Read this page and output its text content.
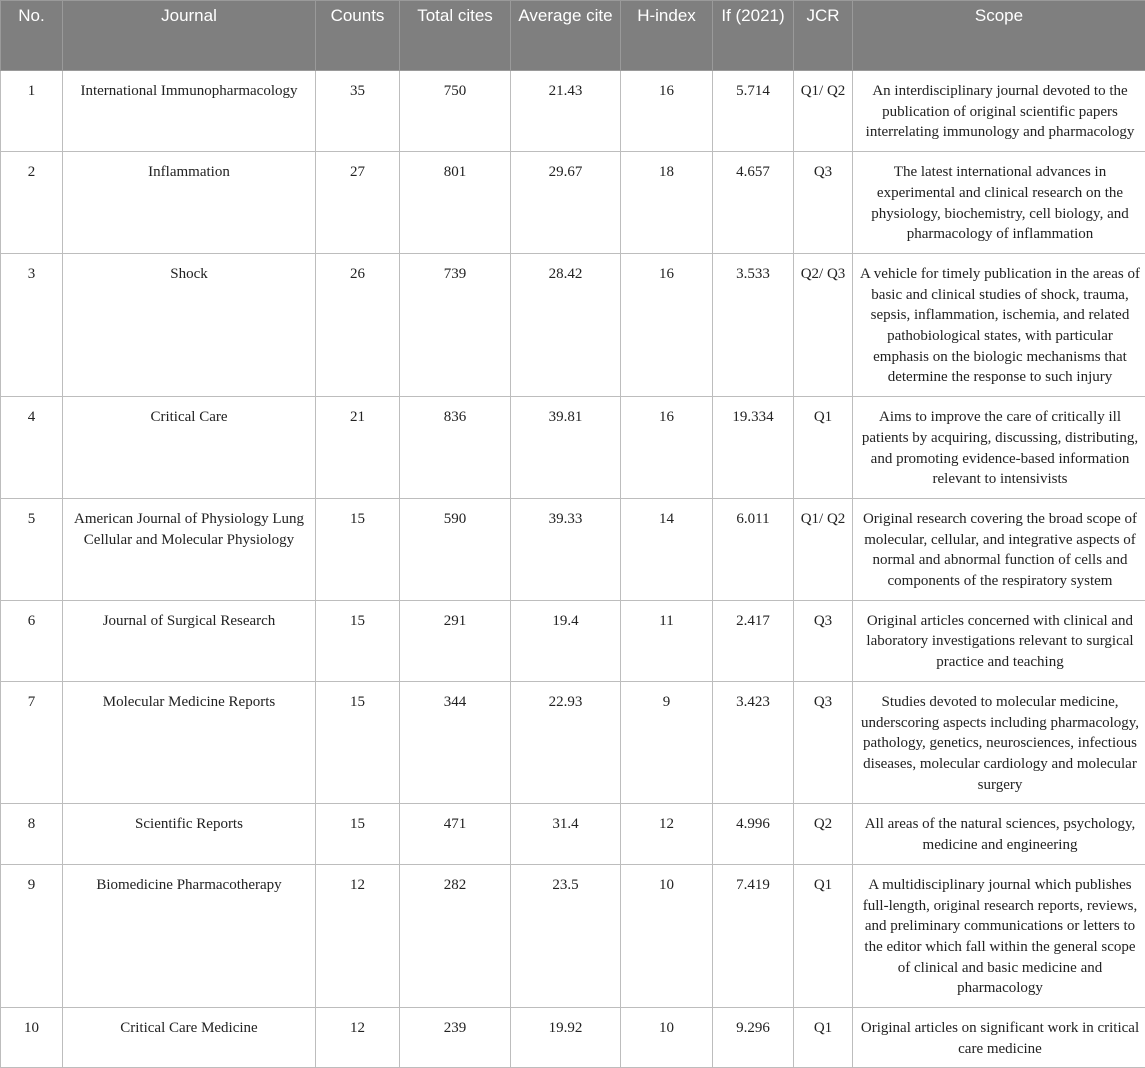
No.	Journal	Counts	Total cites	Average cite	H-index	If (2021)	JCR	Scope
1	International Immunopharmacology	35	750	21.43	16	5.714	Q1/ Q2	An interdisciplinary journal devoted to the publication of original scientific papers interrelating immunology and pharmacology
2	Inflammation	27	801	29.67	18	4.657	Q3	The latest international advances in experimental and clinical research on the physiology, biochemistry, cell biology, and pharmacology of inflammation
3	Shock	26	739	28.42	16	3.533	Q2/ Q3	A vehicle for timely publication in the areas of basic and clinical studies of shock, trauma, sepsis, inflammation, ischemia, and related pathobiological states, with particular emphasis on the biologic mechanisms that determine the response to such injury
4	Critical Care	21	836	39.81	16	19.334	Q1	Aims to improve the care of critically ill patients by acquiring, discussing, distributing, and promoting evidence-based information relevant to intensivists
5	American Journal of Physiology Lung Cellular and Molecular Physiology	15	590	39.33	14	6.011	Q1/ Q2	Original research covering the broad scope of molecular, cellular, and integrative aspects of normal and abnormal function of cells and components of the respiratory system
6	Journal of Surgical Research	15	291	19.4	11	2.417	Q3	Original articles concerned with clinical and laboratory investigations relevant to surgical practice and teaching
7	Molecular Medicine Reports	15	344	22.93	9	3.423	Q3	Studies devoted to molecular medicine, underscoring aspects including pharmacology, pathology, genetics, neurosciences, infectious diseases, molecular cardiology and molecular surgery
8	Scientific Reports	15	471	31.4	12	4.996	Q2	All areas of the natural sciences, psychology, medicine and engineering
9	Biomedicine Pharmacotherapy	12	282	23.5	10	7.419	Q1	A multidisciplinary journal which publishes full-length, original research reports, reviews, and preliminary communications or letters to the editor which fall within the general scope of clinical and basic medicine and pharmacology
10	Critical Care Medicine	12	239	19.92	10	9.296	Q1	Original articles on significant work in critical care medicine
